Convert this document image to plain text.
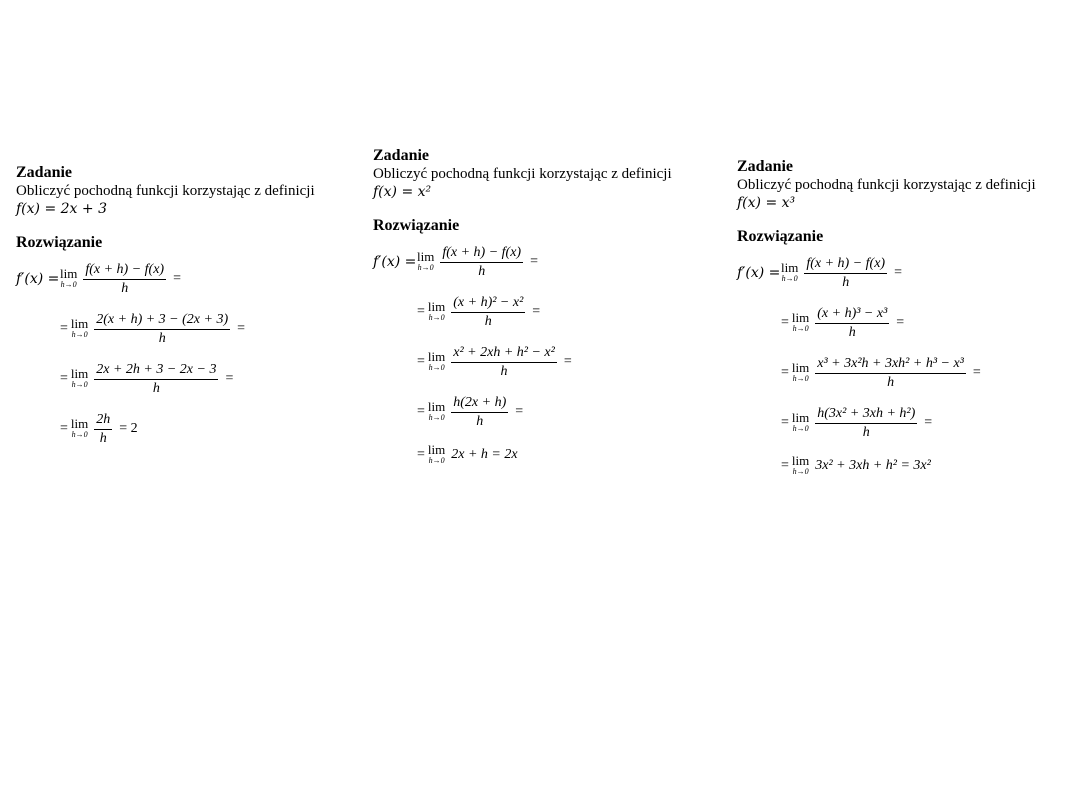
Zadanie
Obliczyć pochodną funkcji korzystając z definicji
f(x) = 2x + 3
Rozwiązanie
f′(x) = lim
$h\to 0 \frac{f(x + h) - f(x)}{h}$ =
= lim
$h\to 0 \frac{2(x + h) + 3 - (2x + 3)}{h}$ =
= lim
$h\to 0 \frac{2x + 2h + 3 - 2x - 3}{h}$ =
= lim
$h\to 0 \frac{2h}{h} = 2$
Zadanie
Obliczyć pochodną funkcji korzystając z definicji
f(x) = x²
Rozwiązanie
f′(x) = lim
$h\to 0 \frac{f(x + h) - f(x)}{h}$ =
= lim
$h\to 0 \frac{\text{(x + h)² − x²}}{h}$ =
= lim
$h\to 0 \frac{\text{x² + 2xh + h² − x²}}{h}$ =
= lim
$h\to 0 \frac{h(2x + h)}{h}$ =
= lim
h→0 2x + h = 2x
Zadanie
Obliczyć pochodną funkcji korzystając z definicji
f(x) = x³
Rozwiązanie
f′(x) = lim
$h\to 0 \frac{f(x + h) - f(x)}{h}$ =
= lim
$h\to 0 \frac{\text{(x + h)³ − x³}}{h}$ =
= lim
$h\to 0 \frac{\text{x³ + 3x²h + 3xh² + h³ − x³}}{h}$ =
= lim
$h\to 0 \frac{\text{h(3x² + 3xh + h²)}}{h}$ =
= lim
h→0 3x² + 3xh + h² = 3x²
